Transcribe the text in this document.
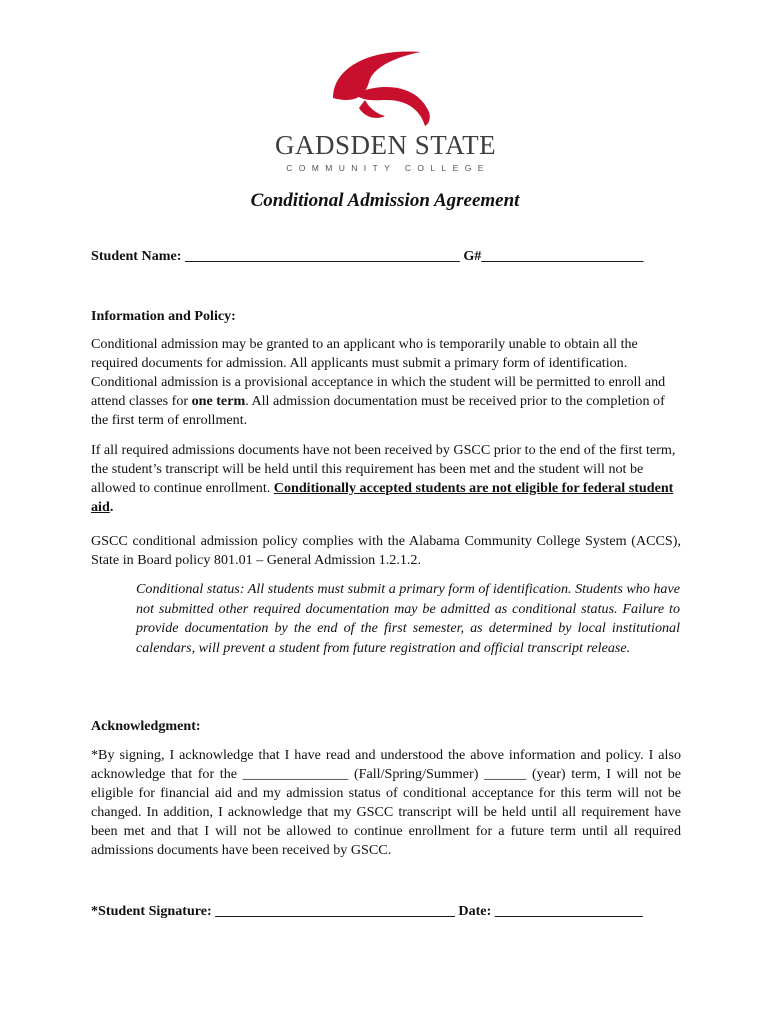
GADSDEN STATE
COMMUNITY COLLEGE
Conditional Admission Agreement
Student Name: _______________________________________ G#_______________________
Information and Policy:
Conditional admission may be granted to an applicant who is temporarily unable to obtain all the required documents for admission. All applicants must submit a primary form of identification. Conditional admission is a provisional acceptance in which the student will be permitted to enroll and attend classes for one term. All admission documentation must be received prior to the completion of the first term of enrollment.
If all required admissions documents have not been received by GSCC prior to the end of the first term, the student’s transcript will be held until this requirement has been met and the student will not be allowed to continue enrollment. Conditionally accepted students are not eligible for federal student aid.
GSCC conditional admission policy complies with the Alabama Community College System (ACCS), State in Board policy 801.01 – General Admission 1.2.1.2.
Conditional status: All students must submit a primary form of identification. Students who have not submitted other required documentation may be admitted as conditional status. Failure to provide documentation by the end of the first semester, as determined by local institutional calendars, will prevent a student from future registration and official transcript release.
Acknowledgment:
*By signing, I acknowledge that I have read and understood the above information and policy. I also acknowledge that for the _______________ (Fall/Spring/Summer) ______ (year) term, I will not be eligible for financial aid and my admission status of conditional acceptance for this term will not be changed. In addition, I acknowledge that my GSCC transcript will be held until all requirement have been met and that I will not be allowed to continue enrollment for a future term until all required admissions documents have been received by GSCC.
*Student Signature: __________________________________ Date: _____________________
